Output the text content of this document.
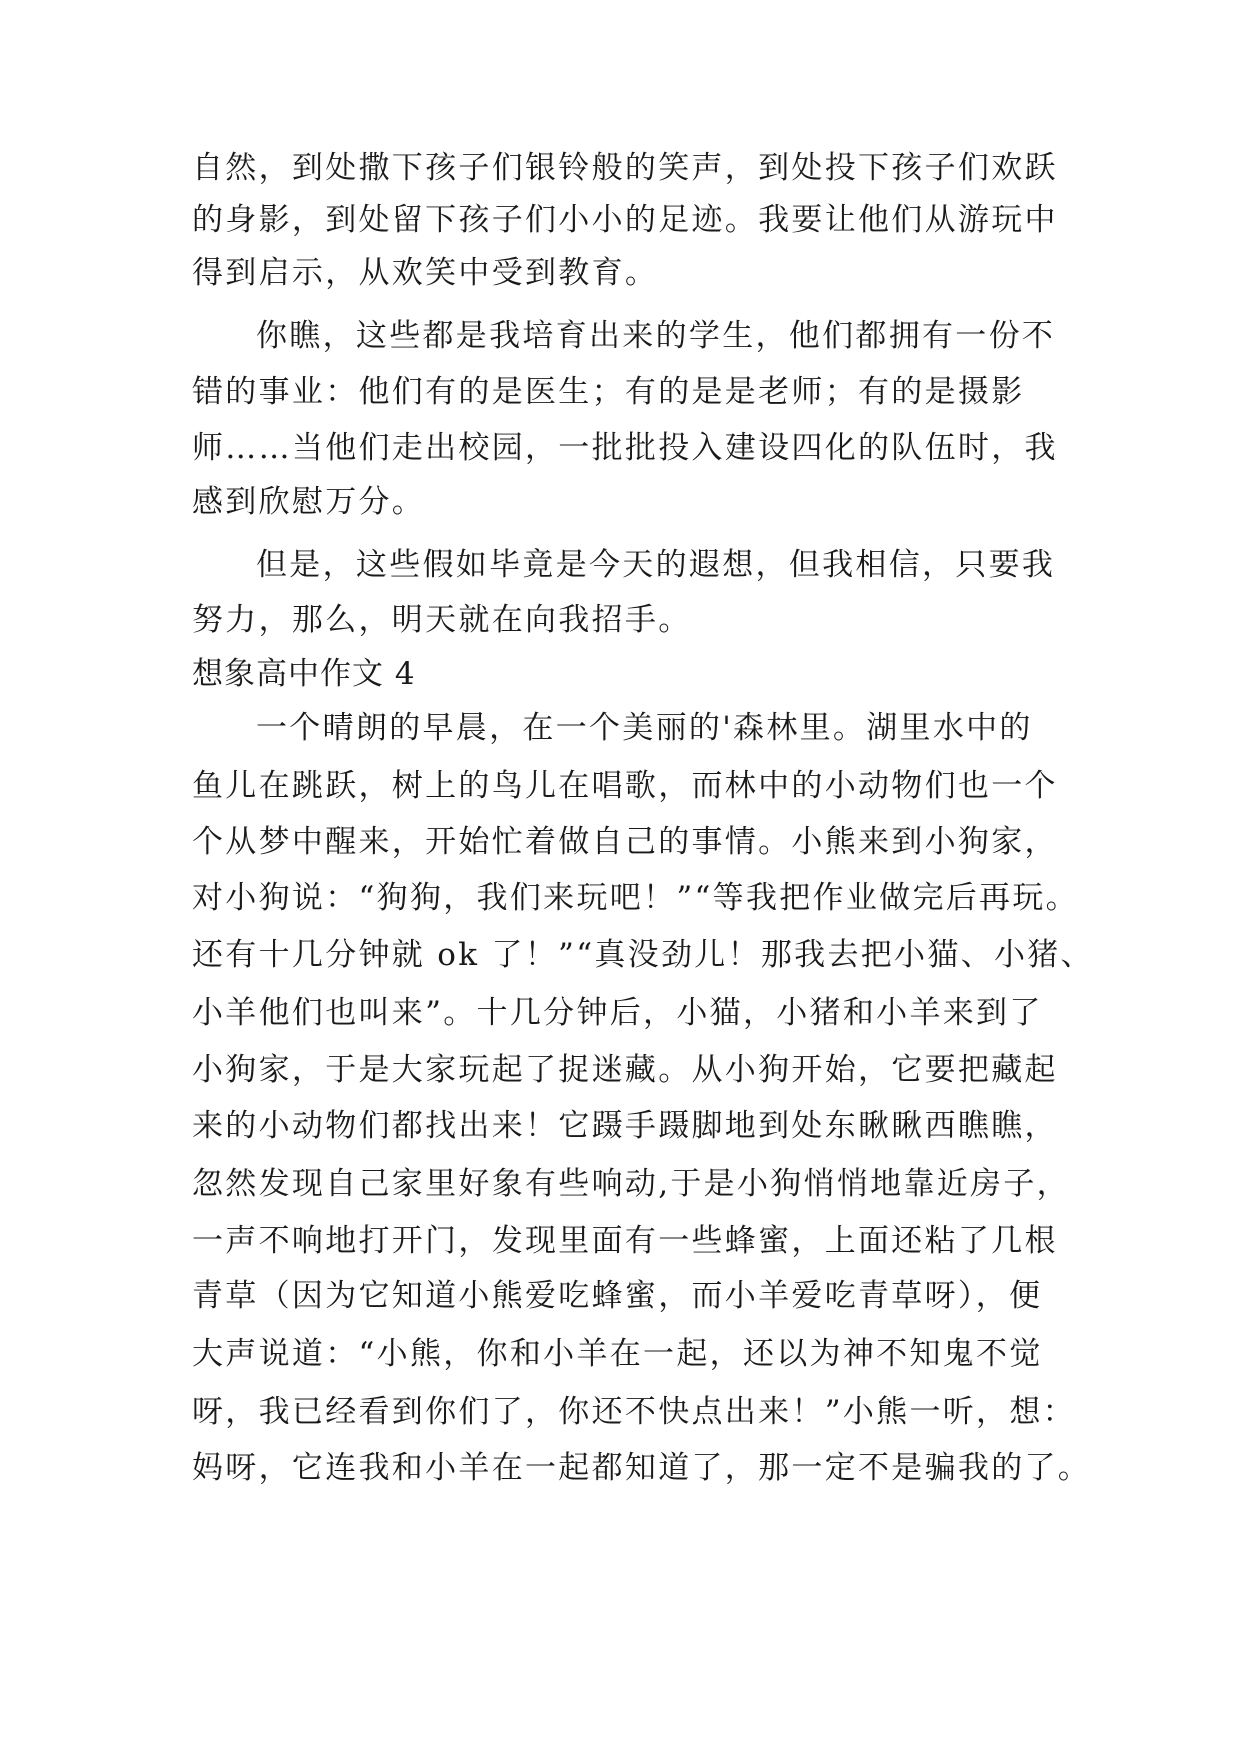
自然，到处撒下孩子们银铃般的笑声，到处投下孩子们欢跃
的身影，到处留下孩子们小小的足迹。我要让他们从游玩中
得到启示，从欢笑中受到教育。
你瞧，这些都是我培育出来的学生，他们都拥有一份不
错的事业：他们有的是医生；有的是是老师；有的是摄影
师……当他们走出校园，一批批投入建设四化的队伍时，我
感到欣慰万分。
但是，这些假如毕竟是今天的遐想，但我相信，只要我
努力，那么，明天就在向我招手。
想象高中作文 4
一个晴朗的早晨，在一个美丽的'森林里。湖里水中的
鱼儿在跳跃，树上的鸟儿在唱歌，而林中的小动物们也一个
个从梦中醒来，开始忙着做自己的事情。小熊来到小狗家，
对小狗说：“狗狗，我们来玩吧！”“等我把作业做完后再玩。
还有十几分钟就 ok 了！”“真没劲儿！那我去把小猫、小猪、
小羊他们也叫来”。十几分钟后，小猫，小猪和小羊来到了
小狗家，于是大家玩起了捉迷藏。从小狗开始，它要把藏起
来的小动物们都找出来！它蹑手蹑脚地到处东瞅瞅西瞧瞧，
忽然发现自己家里好象有些响动,于是小狗悄悄地靠近房子，
一声不响地打开门，发现里面有一些蜂蜜，上面还粘了几根
青草（因为它知道小熊爱吃蜂蜜，而小羊爱吃青草呀），便
大声说道：“小熊，你和小羊在一起，还以为神不知鬼不觉
呀，我已经看到你们了，你还不快点出来！”小熊一听，想：
妈呀，它连我和小羊在一起都知道了，那一定不是骗我的了。
